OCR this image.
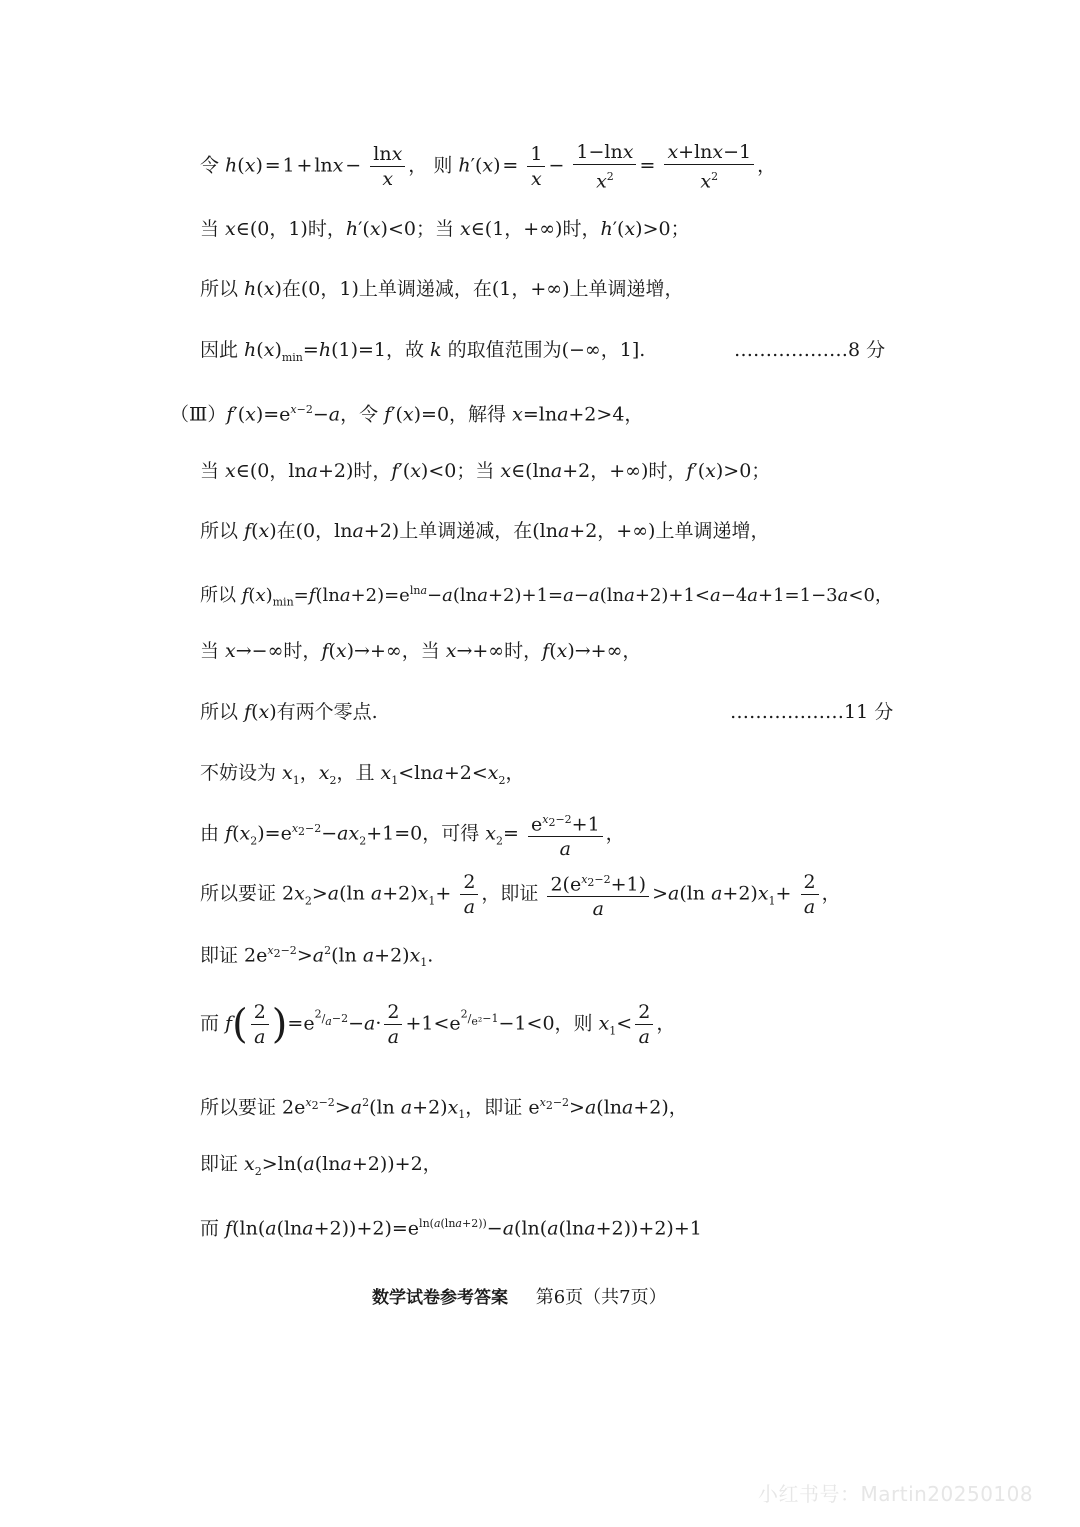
令 h(x) = 1 + lnx − $\frac{\ln x}{x}$ ， 则 h′(x) = $\frac{1}{x} - \frac{1-\ln x}{x^2} = \frac{x+\ln x-1}{x^2}$ ，
当 x∈(0，1)时，h′(x)<0；当 x∈(1，+∞)时，h′(x)>0；
所以 h(x)在(0，1)上单调递减，在(1，+∞)上单调递增，
因此 $h(x)_{min}=h(1)=1$，故 k 的取值范围为(−∞，1].	………………8 分
$(Ⅲ)f'(x)=e^{x-2}-a$，令 f′(x)=0，解得 x=lna+2>4，
当 x∈(0，lna+2)时，f′(x)<0；当 x∈(lna+2，+∞)时，f′(x)>0；
所以 f(x)在(0，lna+2)上单调递减，在(lna+2，+∞)上单调递增，
所以 $f(x)_{min}=f(\ln a+2)=e^{lna}-a(\ln a+2)+1=a-a(\ln a+2)+1<a-4a+1=1-3a<0$，
当 x→−∞时，f(x)→+∞，当 x→+∞时，f(x)→+∞，
所以 f(x)有两个零点.	………………11 分
不妨设为 $x_1$，$x_2$，且 $x_1<\ln a+2<x_2$，
由 $f(x_2)=e^{x_2-2}-ax_2+1=0$，可得 $x_2= \frac{e^{x_2-2}+1}{a}$ ，
所以要证 $2x_2>a(\ln$ $a+2)x_1+ \frac{2}{a}$ ，即证 $\frac{2(e^{x_2-2}+1)}{a} >a(\ln$ $a+2)x_1+ \frac{2}{a}$ ，
即证 $2e^{x_2-2}>a^2(\ln$ $a+2)x_1$.
而 $f( \frac{2}{a} )=e^{^2/_a-2}-a\cdot \frac{2}{a} +1<e^{^2/_{e^2}-1}-1<0$，则 $x_1< \frac{2}{a}$ ，
所以要证 $2e^{x_2-2}>a^2(\ln$ $a+2)x_1$，即证 $e^{x_2-2}>a(\ln a+2)$，
即证 $x_2>\ln(a(\ln a+2))+2$，
而 $f(\ln(a(\ln a+2))+2)=e^{ln(a(lna+2))}-a(\ln(a(\ln a+2))+2)+1$
数学试卷参考答案 第6页（共7页）
小红书号：Martin20250108
